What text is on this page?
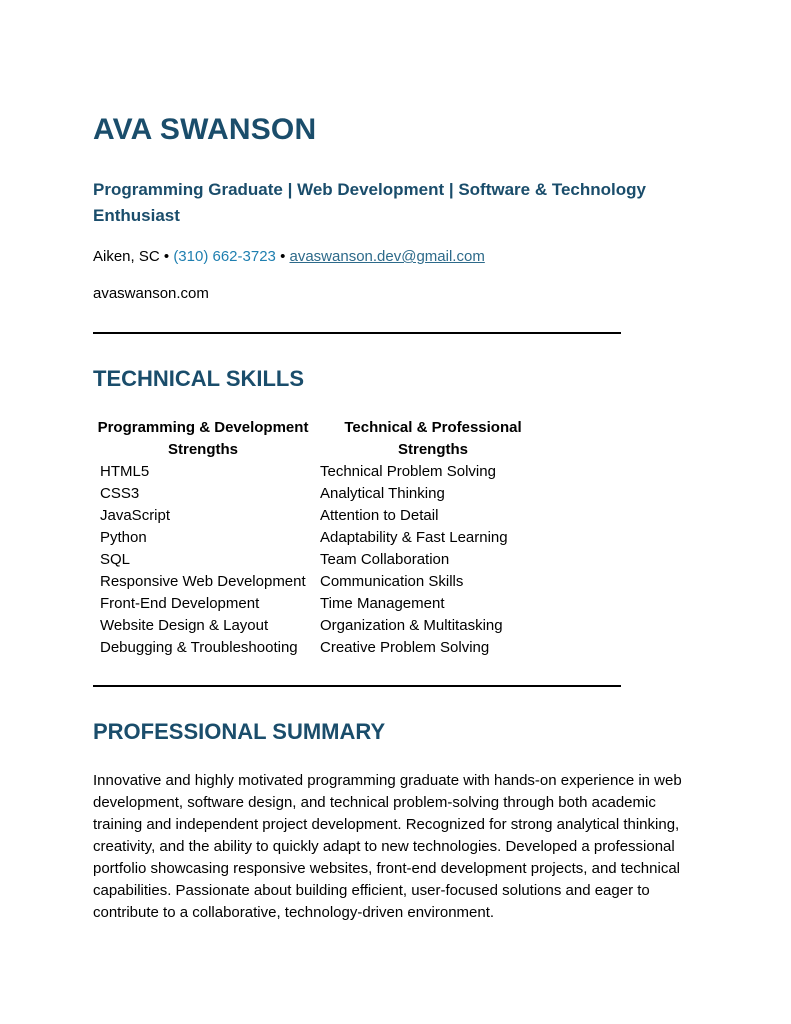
AVA SWANSON

Programming Graduate | Web Development | Software & Technology Enthusiast

Aiken, SC • (310) 662-3723 • avaswanson.dev@gmail.com
avaswanson.com
TECHNICAL SKILLS
Programming & Development Strengths	Technical & Professional Strengths
HTML5	Technical Problem Solving
CSS3	Analytical Thinking
JavaScript	Attention to Detail
Python	Adaptability & Fast Learning
SQL	Team Collaboration
Responsive Web Development	Communication Skills
Front-End Development	Time Management
Website Design & Layout	Organization & Multitasking
Debugging & Troubleshooting	Creative Problem Solving
PROFESSIONAL SUMMARY

Innovative and highly motivated programming graduate with hands-on experience in web development, software design, and technical problem-solving through both academic training and independent project development. Recognized for strong analytical thinking, creativity, and the ability to quickly adapt to new technologies. Developed a professional portfolio showcasing responsive websites, front-end development projects, and technical capabilities. Passionate about building efficient, user-focused solutions and eager to contribute to a collaborative, technology-driven environment.
